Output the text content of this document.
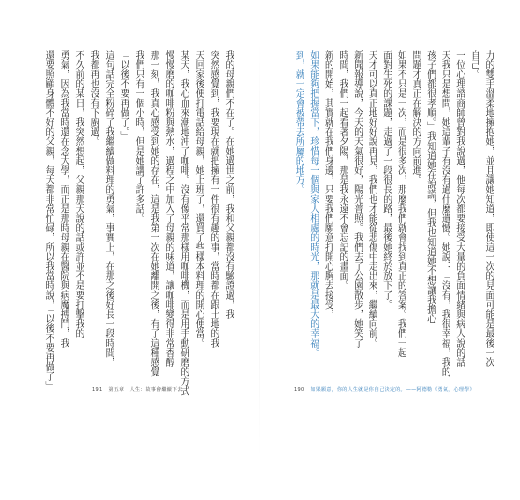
191 第五章　人生：故事會繼續下去
我的母親們不在了。在她過世之前，我和父親都沒有驗證過，我
突然感覺到，我要現在就把擁有一件很有趣的事，當時都在跟土地的我
天回家後便打電話給母親，她上班了，還買了些樣本料理的開心便當。
某天，我心血來潮地沖了咖啡。沒有像平常那樣用咖啡機，而是用手動研磨的方式
慢慢磨的咖啡粉與熱水，過程之中加入了母親的味道，讓咖啡變得非常香醇
那一刻，我真心感受到她的存在，這是我第一次在她離開之後，有了這種感覺
我們只有一個小時，但是她講了許多話。
「以後不要再做了。」
這句話完全粉碎了我繼續做料理的勇氣，事實上，在那之後好長一段時間，
我都再也沒有下廚過。
不久前的某日，我突然想起，父親那天說的話或許並不是要打擊我的
勇氣，因為我當時還在念大學，而正是那時母親在醫院與病魔搏鬥，我
還要照顧身體不好的父親，每天都非常忙碌，所以我當時說，「以後不要再做了」	190 如果願意，你的人生就是你自己決定的。——阿德勒《勇氣，心理學》
力的雙手溫柔地擁抱她，並且讓她知道，即使這一次的見面可能是最後一次
自己。
一位心理諮商師曾對我說過，他每次都要接受大量的負面情緒與病人說的話
天我只是想問，她這輩子有沒有過什麼遺憾。她說：「沒有，我很幸福，我的
孩子們都很孝順。」我知道她在說謊，但我也知道她不想讓我擔心
問題才真正在解決的方向前進。
如果不只是一次，而是很多次，那麼我們就會找到真正的答案。我們一起
面對生死的課題，走過了一段很長的路，最後她終於放下了。
天才可以真正地好好說再見，我們也才能從悲傷中走出來，繼續向前。
新聞報導說，今天的天氣很好，陽光普照。我們去了公園散步，她笑了
時間，我們一起看著夕陽，那是我永遠不會忘記的畫面。
新的開始，其實就在我們身邊，只要我們願意打開心胸去接受，
如果能夠把握當下，珍惜每一個與家人相處的時光，那就是最大的幸福。
到，就一定會被帶去所屬的地方。
